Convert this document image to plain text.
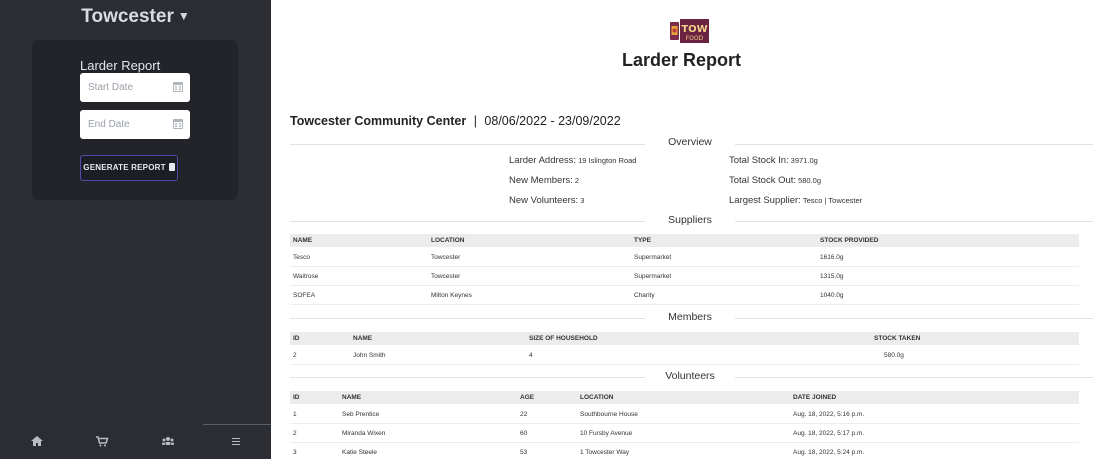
Towcester ▼
Larder Report
Start Date
End Date
GENERATE REPORT
TOW
FOOD
Larder Report
Towcester Community Center | 08/06/2022 - 23/09/2022
Overview
Larder Address: 19 Islington Road
New Members: 2
New Volunteers: 3
Total Stock In: 3971.0g
Total Stock Out: 580.0g
Largest Supplier: Tesco | Towcester
Suppliers
NAME	LOCATION	TYPE	STOCK PROVIDED
Tesco	Towcester	Supermarket	1616.0g
Waitrose	Towcester	Supermarket	1315.0g
SOFEA	Milton Keynes	Charity	1040.0g
Members
ID	NAME	SIZE OF HOUSEHOLD	STOCK TAKEN
2	John Smith	4	580.0g
Volunteers
ID	NAME	AGE	LOCATION	DATE JOINED
1	Seb Prentice	22	Southbourne House	Aug. 18, 2022, 5:16 p.m.
2	Miranda Wixen	60	10 Fursby Avenue	Aug. 18, 2022, 5:17 p.m.
3	Katie Steele	53	1 Towcester Way	Aug. 18, 2022, 5:24 p.m.
